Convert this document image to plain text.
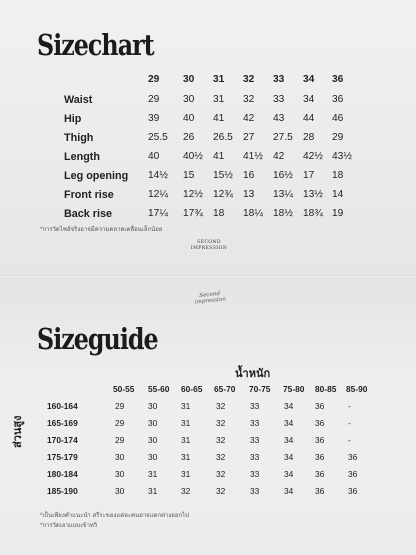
Sizechart
29 30 31 32 33 34 36
Waist	29 30 31 32 33 34 36
Hip	39 40 41 42 43 44 46
Thigh	25.5 26 26.5 27 27.5 28 29
Length	40 40½ 41 41½ 42 42½ 43½
Leg opening 14½ 15 15½ 16 16½ 17 18
Front rise	12¼ 12½ 12¾ 13 13¼ 13½ 14
Back rise	17¼ 17¾ 18 18¼ 18½ 18¾ 19
*การวัดไซส์จริงอาจมีความคลาดเคลื่อนเล็กน้อย
SECOND
IMPRESSION
Second impression
Sizeguide
น้ำหนัก
ส่วนสูง
50-55 55-60 60-65 65-70 70-75 75-80 80-85 85-90
160-164	29	30	31	32	33	34	36	-
165-169	29	30	31	32	33	34	36	-
170-174	29	30	31	32	33	34	36	-
175-179	30	30	31	32	33	34	36	36
180-184	30	31	31	32	33	34	36	36
185-190	30	31	32	32	33	34	36	36
*เป็นเพียงคำแนะนำ สรีระของแต่ละคนอาจแตกต่างออกไป
*การวัดเอวแบบเข้าทวิ
